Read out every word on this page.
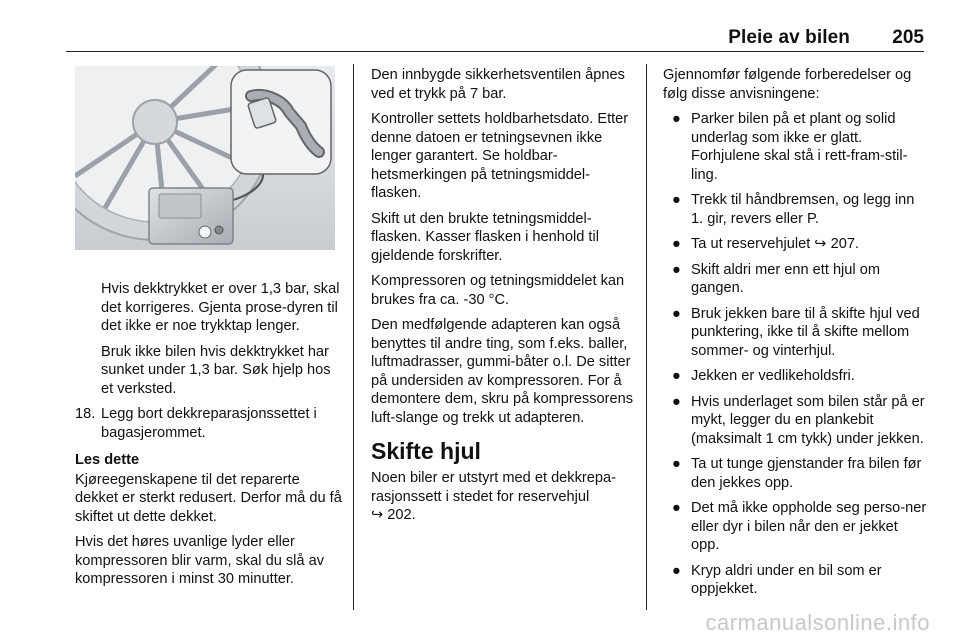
Pleie av bilen 205

Hvis dekktrykket er over 1,3 bar, skal det korrigeres. Gjenta prose-dyren til det ikke er noe trykktap lenger.

Bruk ikke bilen hvis dekktrykket har sunket under 1,3 bar. Søk hjelp hos et verksted.

18. Legg bort dekkreparasjonssettet i bagasjerommet.

Les dette

Kjøreegenskapene til det reparerte dekket er sterkt redusert. Derfor må du få skiftet ut dette dekket.

Hvis det høres uvanlige lyder eller kompressoren blir varm, skal du slå av kompressoren i minst 30 minutter.

Den innbygde sikkerhetsventilen åpnes ved et trykk på 7 bar.

Kontroller settets holdbarhetsdato. Etter denne datoen er tetningsevnen ikke lenger garantert. Se holdbar-hetsmerkingen på tetningsmiddel-flasken.

Skift ut den brukte tetningsmiddel-flasken. Kasser flasken i henhold til gjeldende forskrifter.

Kompressoren og tetningsmiddelet kan brukes fra ca. -30 °C.

Den medfølgende adapteren kan også benyttes til andre ting, som f.eks. baller, luftmadrasser, gummi-båter o.l. De sitter på undersiden av kompressoren. For å demontere dem, skru på kompressorens luft-slange og trekk ut adapteren.

Skifte hjul

Noen biler er utstyrt med et dekkrepa-rasjonssett i stedet for reservehjul
↪ 202.

Gjennomfør følgende forberedelser og følg disse anvisningene:

● Parker bilen på et plant og solid underlag som ikke er glatt. Forhjulene skal stå i rett-fram-stil-ling.
● Trekk til håndbremsen, og legg inn 1. gir, revers eller P.
● Ta ut reservehjulet ↪ 207.
● Skift aldri mer enn ett hjul om gangen.
● Bruk jekken bare til å skifte hjul ved punktering, ikke til å skifte mellom sommer- og vinterhjul.
● Jekken er vedlikeholdsfri.
● Hvis underlaget som bilen står på er mykt, legger du en plankebit (maksimalt 1 cm tykk) under jekken.
● Ta ut tunge gjenstander fra bilen før den jekkes opp.
● Det må ikke oppholde seg perso-ner eller dyr i bilen når den er jekket opp.
● Kryp aldri under en bil som er oppjekket.
carmanualsonline.info
